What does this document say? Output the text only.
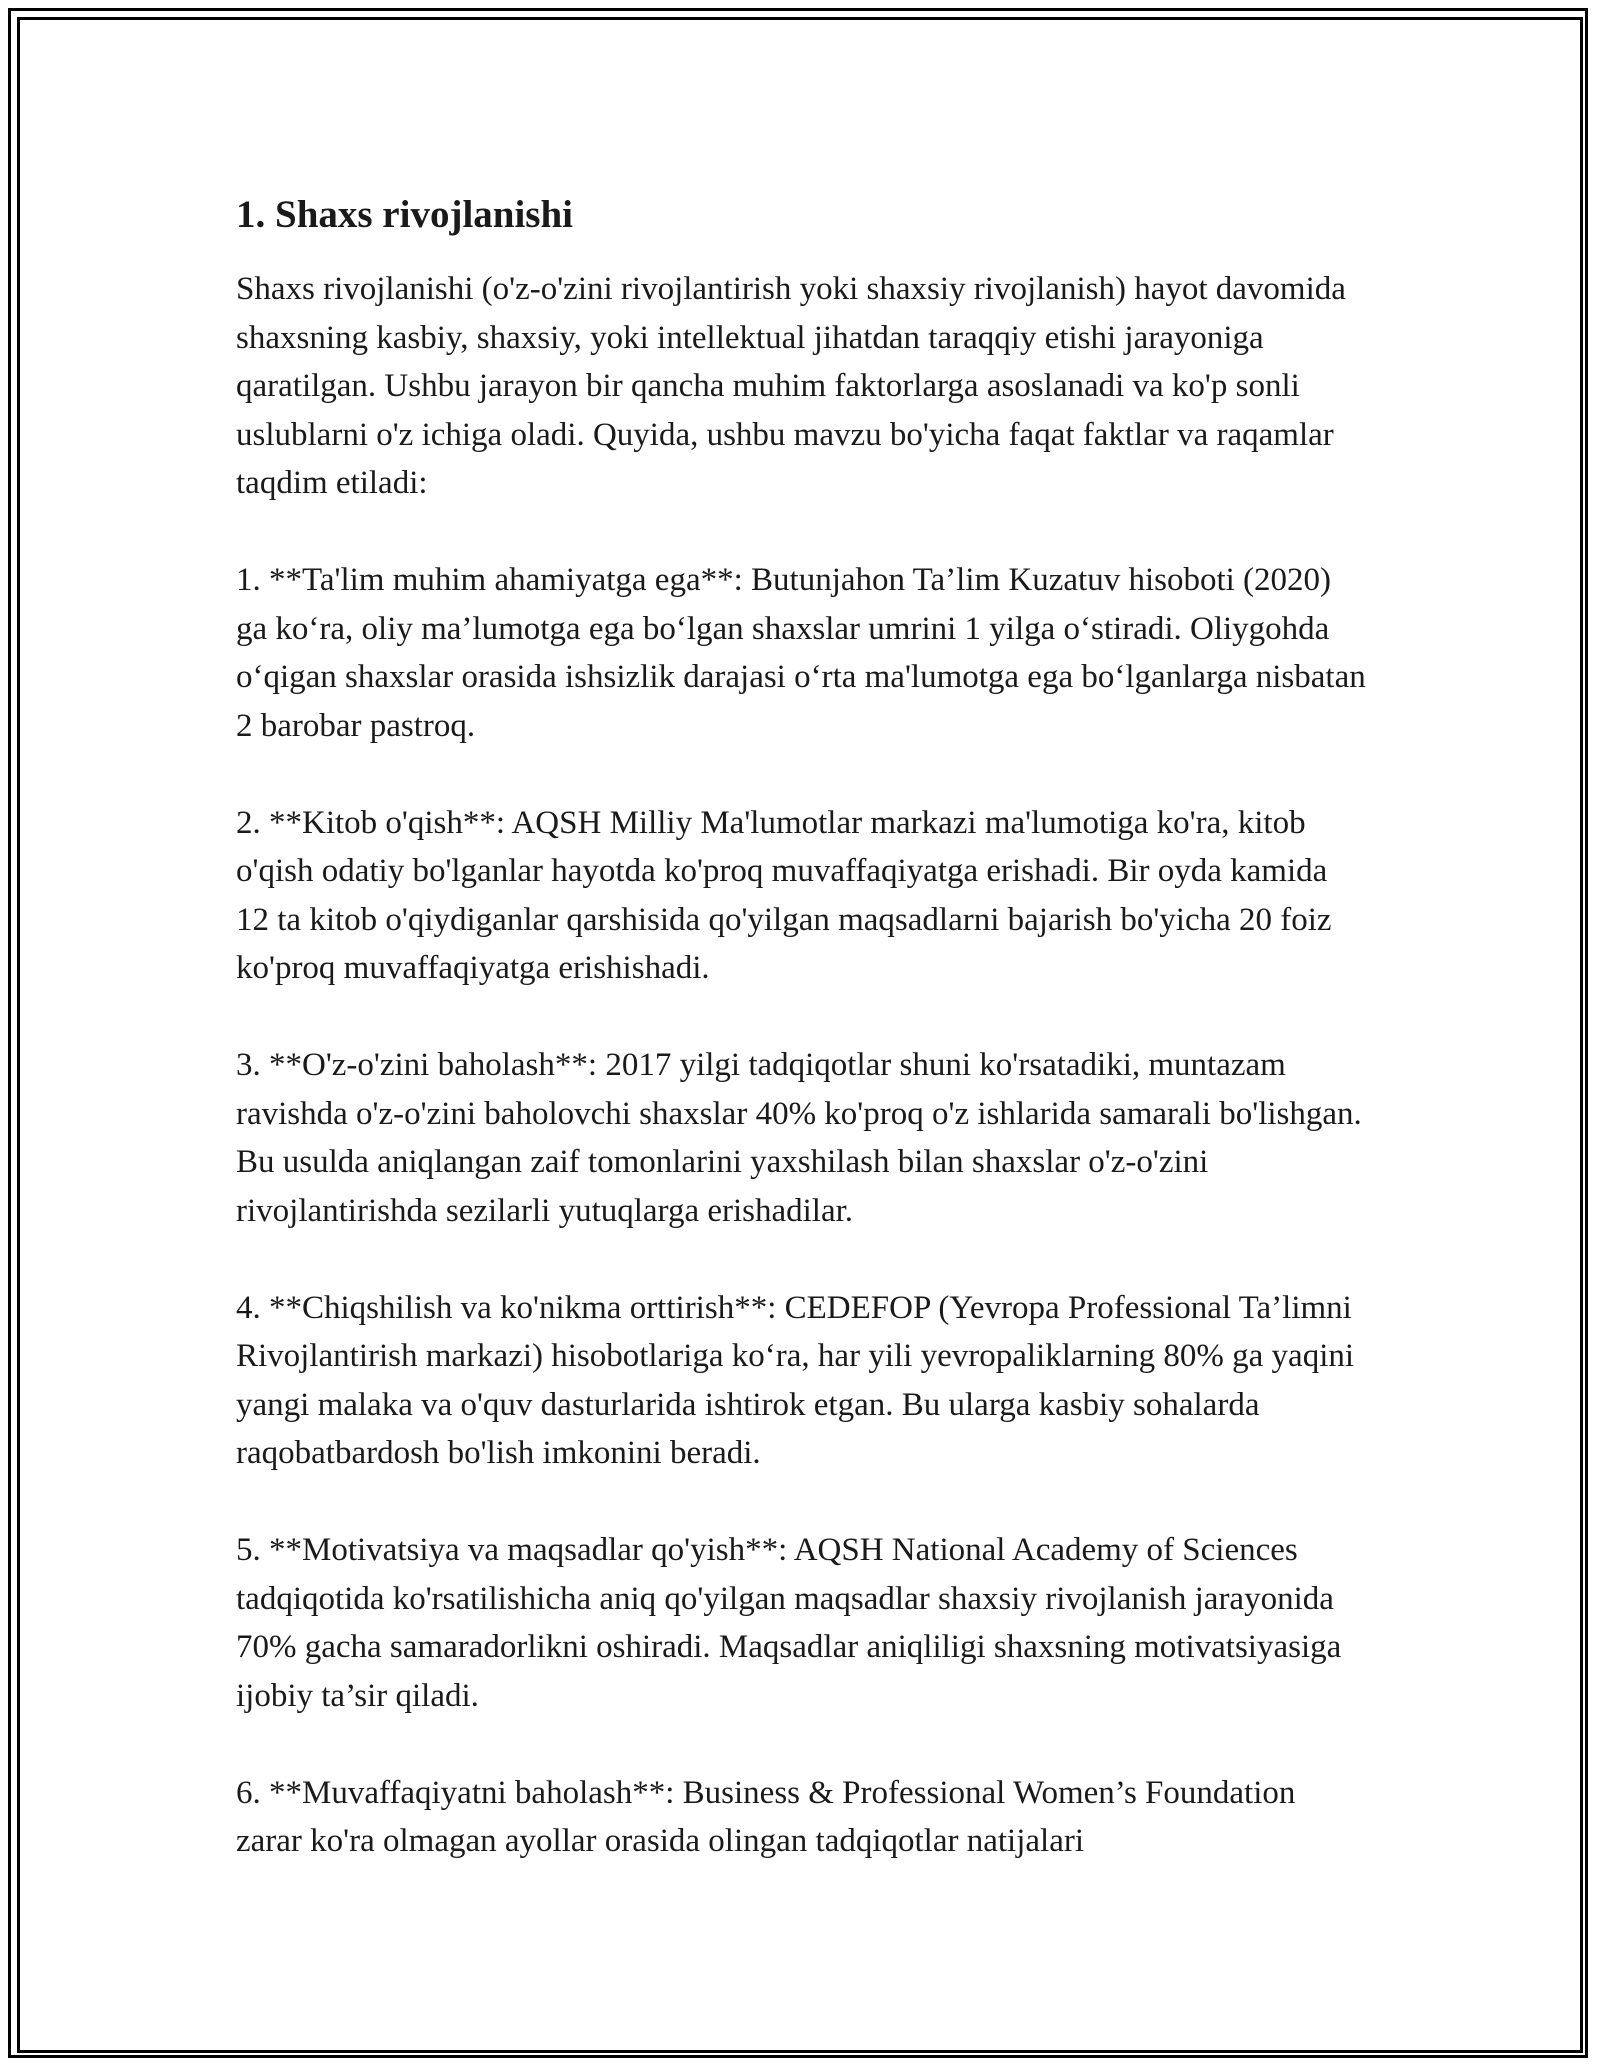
1. Shaxs rivojlanishi

Shaxs rivojlanishi (o'z-o'zini rivojlantirish yoki shaxsiy rivojlanish) hayot davomida shaxsning kasbiy, shaxsiy, yoki intellektual jihatdan taraqqiy etishi jarayoniga qaratilgan. Ushbu jarayon bir qancha muhim faktorlarga asoslanadi va ko'p sonli uslublarni o'z ichiga oladi. Quyida, ushbu mavzu bo'yicha faqat faktlar va raqamlar taqdim etiladi:

1. **Ta'lim muhim ahamiyatga ega**: Butunjahon Ta’lim Kuzatuv hisoboti (2020) ga ko‘ra, oliy ma’lumotga ega bo‘lgan shaxslar umrini 1 yilga o‘stiradi. Oliygohda o‘qigan shaxslar orasida ishsizlik darajasi o‘rta ma'lumotga ega bo‘lganlarga nisbatan 2 barobar pastroq.

2. **Kitob o'qish**: AQSH Milliy Ma'lumotlar markazi ma'lumotiga ko'ra, kitob o'qish odatiy bo'lganlar hayotda ko'proq muvaffaqiyatga erishadi. Bir oyda kamida 12 ta kitob o'qiydiganlar qarshisida qo'yilgan maqsadlarni bajarish bo'yicha 20 foiz ko'proq muvaffaqiyatga erishishadi.

3. **O'z-o'zini baholash**: 2017 yilgi tadqiqotlar shuni ko'rsatadiki, muntazam ravishda o'z-o'zini baholovchi shaxslar 40% ko'proq o'z ishlarida samarali bo'lishgan. Bu usulda aniqlangan zaif tomonlarini yaxshilash bilan shaxslar o'z-o'zini rivojlantirishda sezilarli yutuqlarga erishadilar.

4. **Chiqshilish va ko'nikma orttirish**: CEDEFOP (Yevropa Professional Ta’limni Rivojlantirish markazi) hisobotlariga ko‘ra, har yili yevropaliklarning 80% ga yaqini yangi malaka va o'quv dasturlarida ishtirok etgan. Bu ularga kasbiy sohalarda raqobatbardosh bo'lish imkonini beradi.

5. **Motivatsiya va maqsadlar qo'yish**: AQSH National Academy of Sciences tadqiqotida ko'rsatilishicha aniq qo'yilgan maqsadlar shaxsiy rivojlanish jarayonida 70% gacha samaradorlikni oshiradi. Maqsadlar aniqliligi shaxsning motivatsiyasiga ijobiy ta’sir qiladi.

6. **Muvaffaqiyatni baholash**: Business & Professional Women’s Foundation zarar ko'ra olmagan ayollar orasida olingan tadqiqotlar natijalari
